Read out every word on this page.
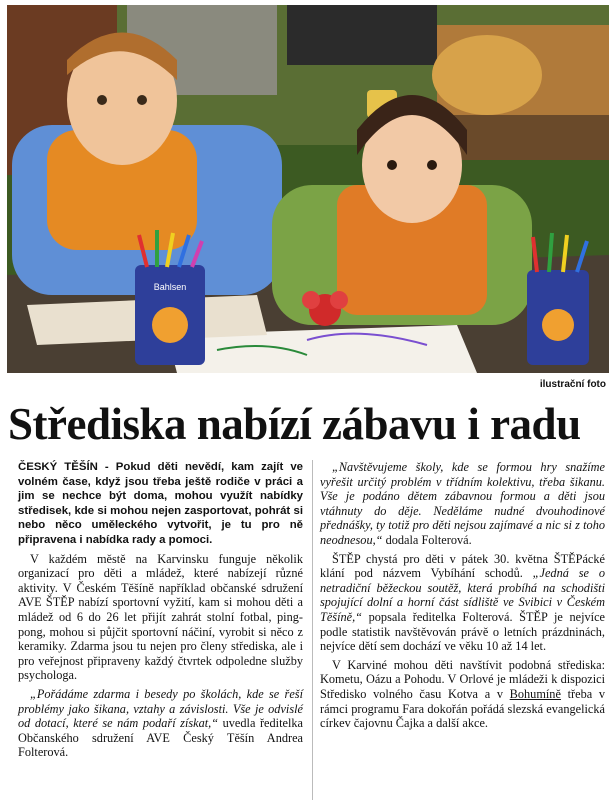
Bahlsen
ilustrační foto
Střediska nabízí zábavu i radu

ČESKÝ TĚŠÍN - Pokud děti nevědí, kam zajít ve volném čase, když jsou třeba ještě rodiče v práci a jim se nechce být doma, mohou využít nabídky středisek, kde si mohou nejen zasportovat, pohrát si nebo něco uměleckého vytvořit, je tu pro ně připravena i nabídka rady a pomoci.

V každém městě na Karvinsku funguje několik organizací pro děti a mládež, které nabízejí různé aktivity. V Českém Těšíně například občanské sdružení AVE ŠTĚP nabízí sportovní vyžití, kam si mohou děti a mládež od 6 do 26 let přijít zahrát stolní fotbal, ping-pong, mohou si půjčit sportovní náčiní, vyrobit si něco z keramiky. Zdarma jsou tu nejen pro členy střediska, ale i pro veřejnost připraveny každý čtvrtek odpoledne služby psychologa.

„Pořádáme zdarma i besedy po školách, kde se řeší problémy jako šikana, vztahy a závislosti. Vše je odvislé od dotací, které se nám podaří získat,“ uvedla ředitelka Občanského sdružení AVE Český Těšín Andrea Folterová.

„Navštěvujeme školy, kde se formou hry snažíme vyřešit určitý problém v třídním kolektivu, třeba šikanu. Vše je podáno dětem zábavnou formou a děti jsou vtáhnuty do děje. Neděláme nudné dvouhodinové přednášky, ty totiž pro děti nejsou zajímavé a nic si z toho neodnesou,“ dodala Folterová.

ŠTĚP chystá pro děti v pátek 30. května ŠTĚPácké klání pod názvem Vybíhání schodů. „Jedná se o netradiční běžeckou soutěž, která probíhá na schodišti spojující dolní a horní část sídliště ve Svibici v Českém Těšíně,“ popsala ředitelka Folterová. ŠTĚP je nejvíce podle statistik navštěvován právě o letních prázdninách, nejvíce dětí sem dochází ve věku 10 až 14 let.

V Karviné mohou děti navštívit podobná střediska: Kometu, Oázu a Pohodu. V Orlové je mládeži k dispozici Středisko volného času Kotva a v Bohumíně třeba v rámci programu Fara dokořán pořádá slezská evangelická církev čajovnu Čajka a další akce.
